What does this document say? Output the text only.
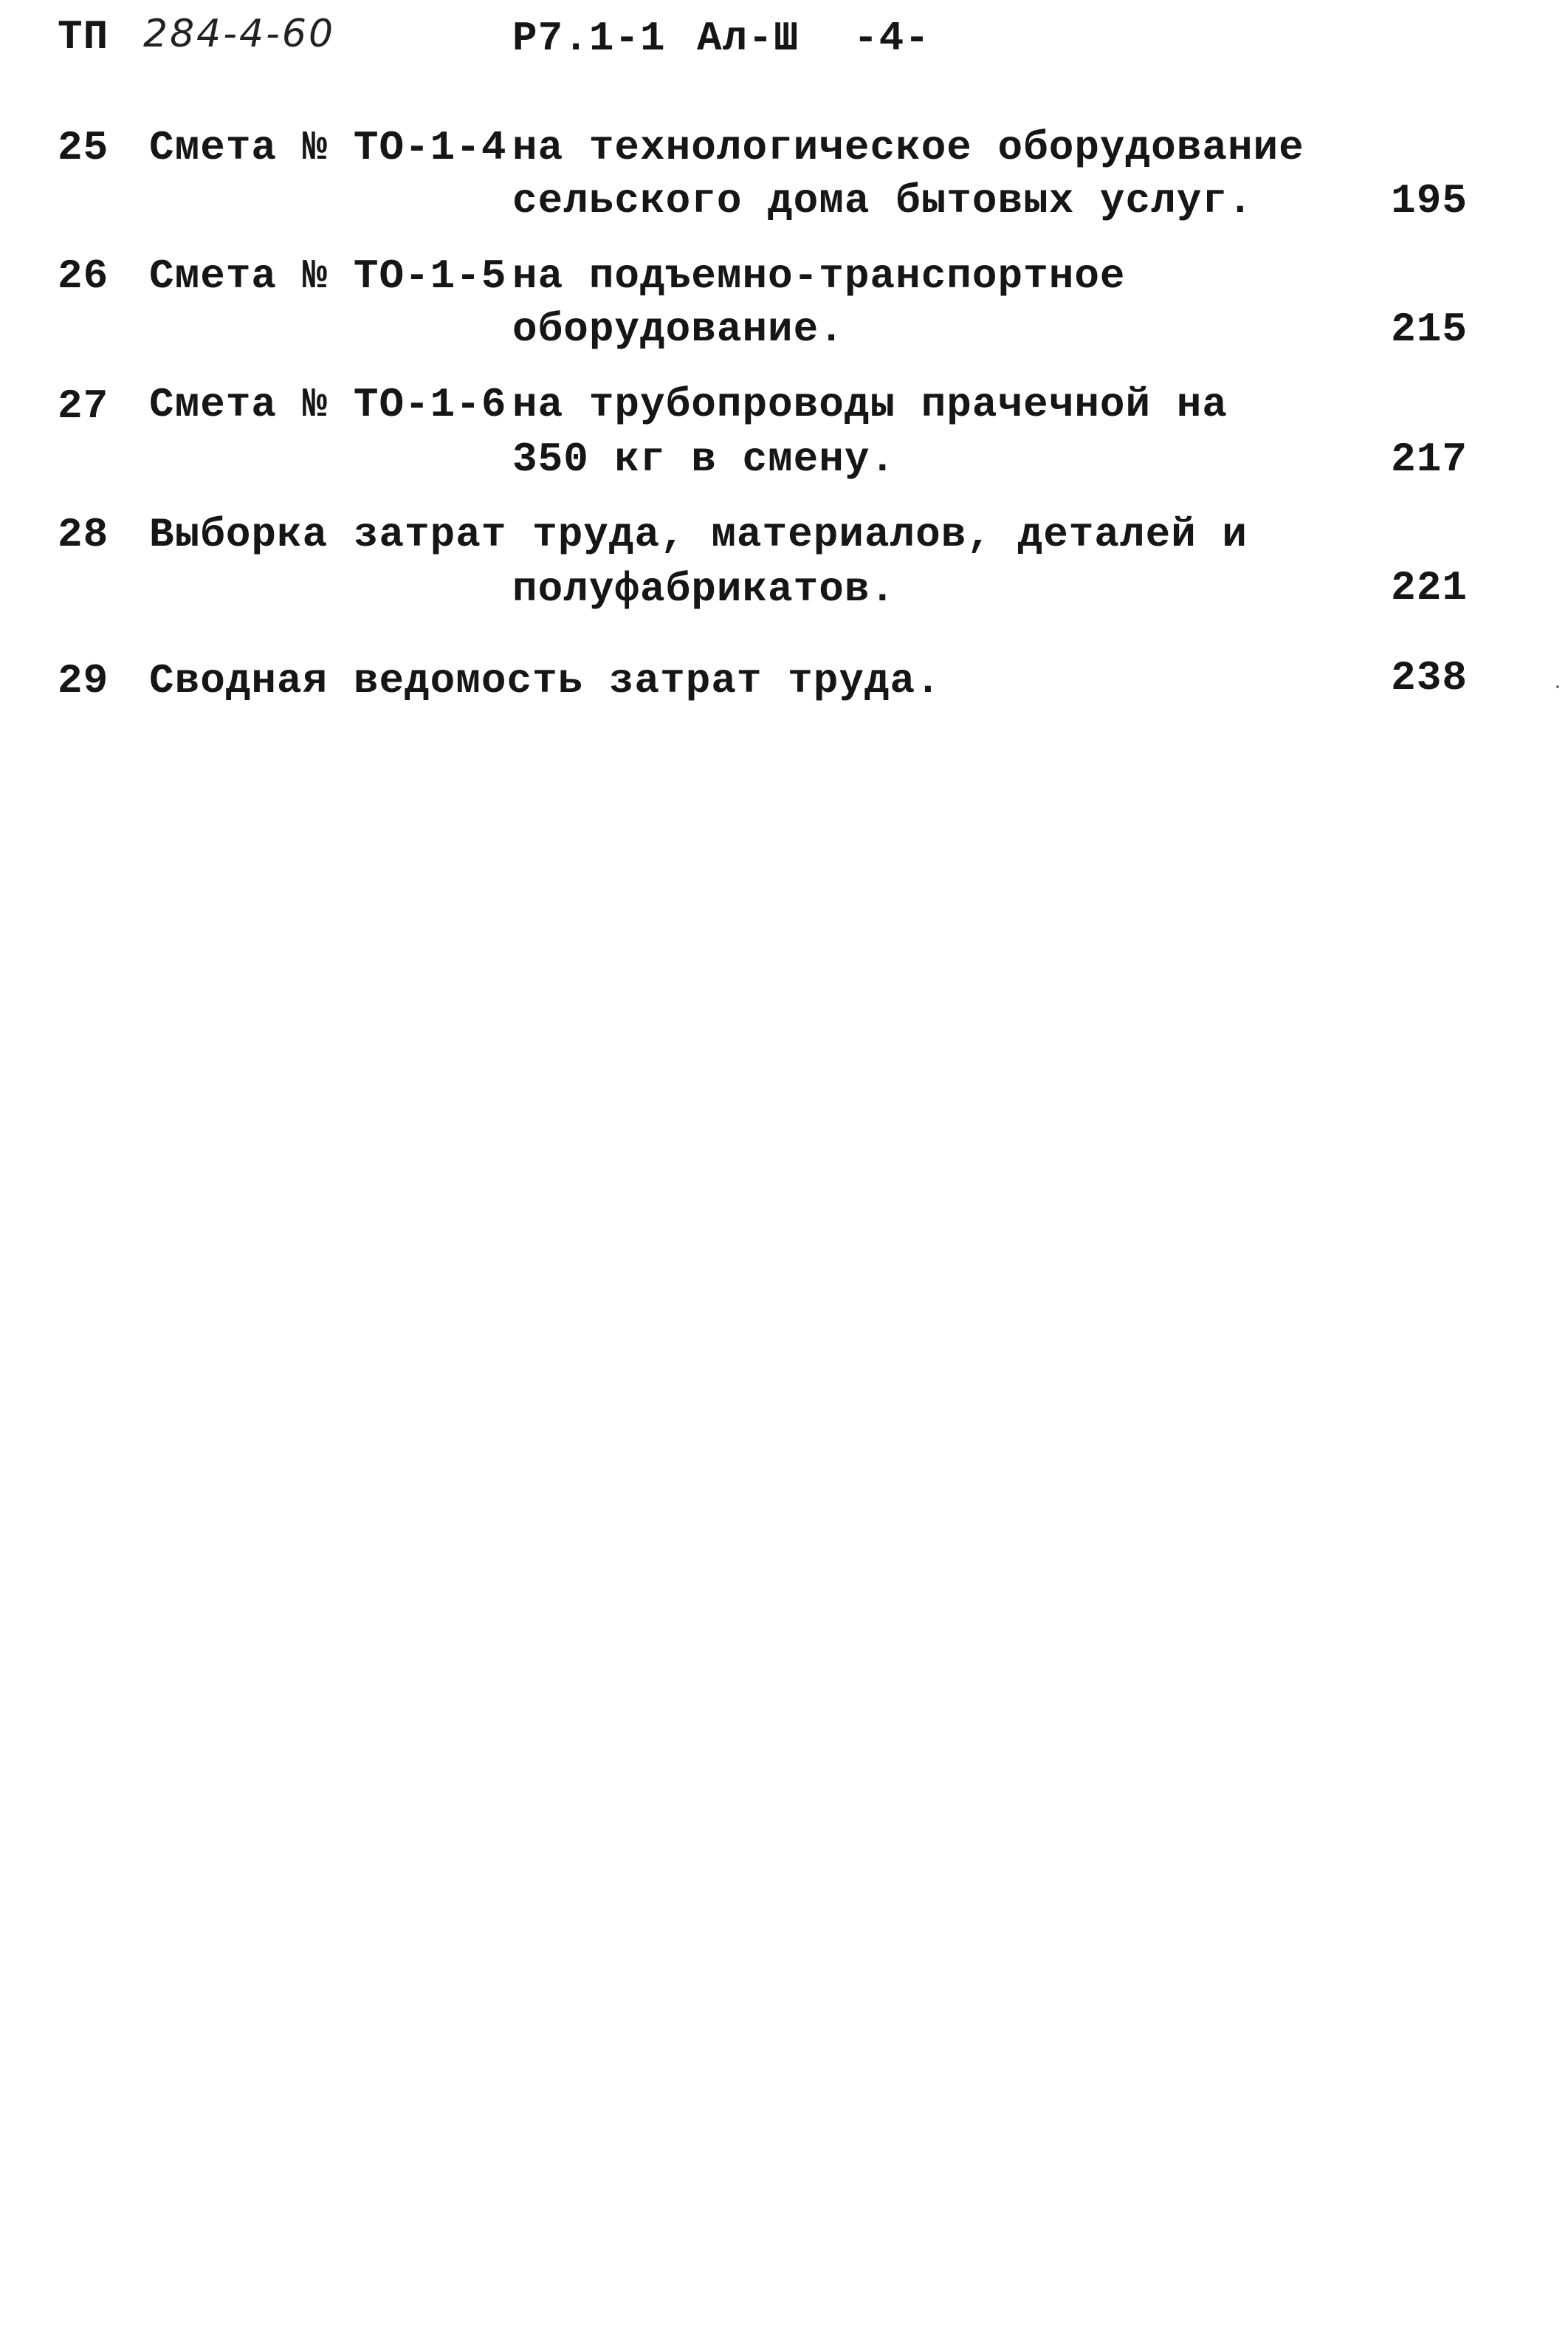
ТП 284-4-60	Р7.1-1 Ал-Ш -4-
25 Смета № ТО-1-4 на технологическое оборудование
сельского дома бытовых услуг.	195
26 Смета № ТО-1-5 на подъемно-транспортное
оборудование.	215
27 Смета № ТО-1-6 на трубопроводы прачечной на
350 кг в смену.	217
28 Выборка затрат труда, материалов, деталей и
полуфабрикатов.	221
29 Сводная ведомость затрат труда.	238
